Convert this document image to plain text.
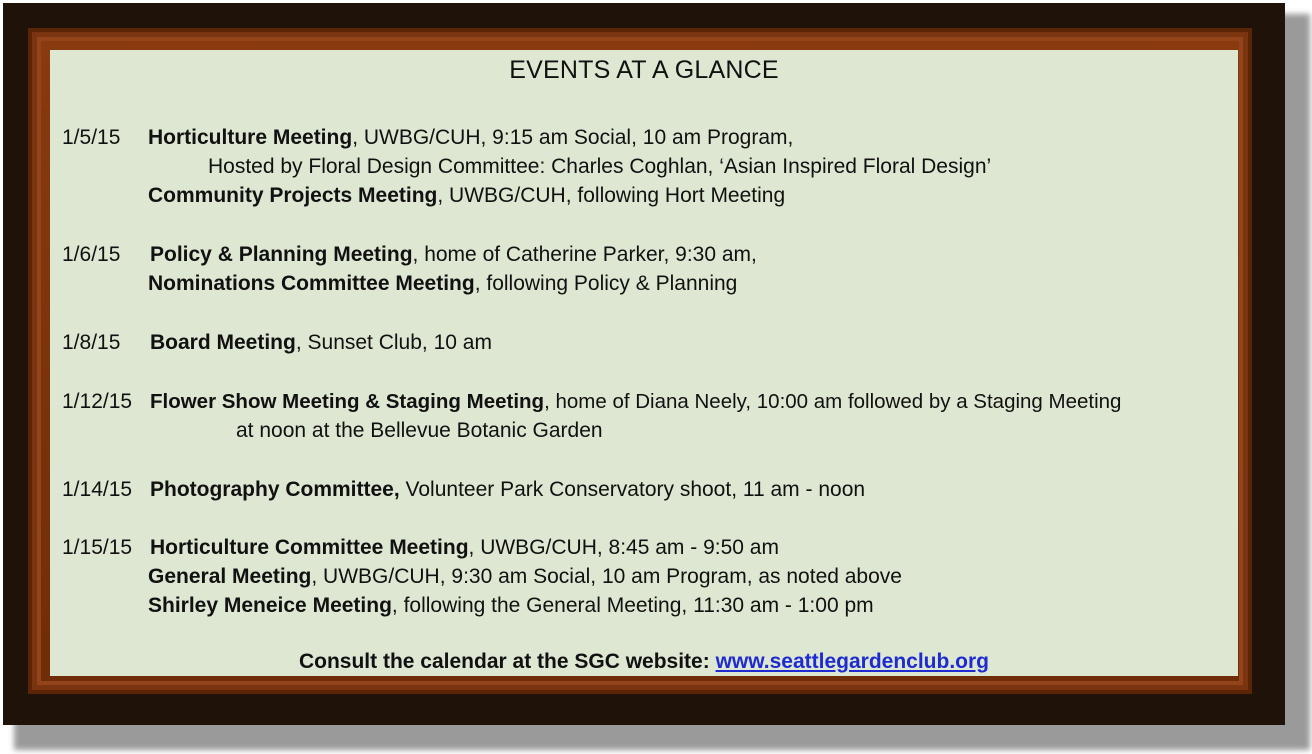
EVENTS AT A GLANCE
1/5/15 Horticulture Meeting, UWBG/CUH, 9:15 am Social, 10 am Program,
Hosted by Floral Design Committee: Charles Coghlan, ‘Asian Inspired Floral Design’
Community Projects Meeting, UWBG/CUH, following Hort Meeting
1/6/15 Policy & Planning Meeting, home of Catherine Parker, 9:30 am,
Nominations Committee Meeting, following Policy & Planning
1/8/15 Board Meeting, Sunset Club, 10 am
1/12/15 Flower Show Meeting & Staging Meeting, home of Diana Neely, 10:00 am followed by a Staging Meeting
at noon at the Bellevue Botanic Garden
1/14/15 Photography Committee, Volunteer Park Conservatory shoot, 11 am - noon
1/15/15 Horticulture Committee Meeting, UWBG/CUH, 8:45 am - 9:50 am
General Meeting, UWBG/CUH, 9:30 am Social, 10 am Program, as noted above
Shirley Meneice Meeting, following the General Meeting, 11:30 am - 1:00 pm
Consult the calendar at the SGC website: www.seattlegardenclub.org
